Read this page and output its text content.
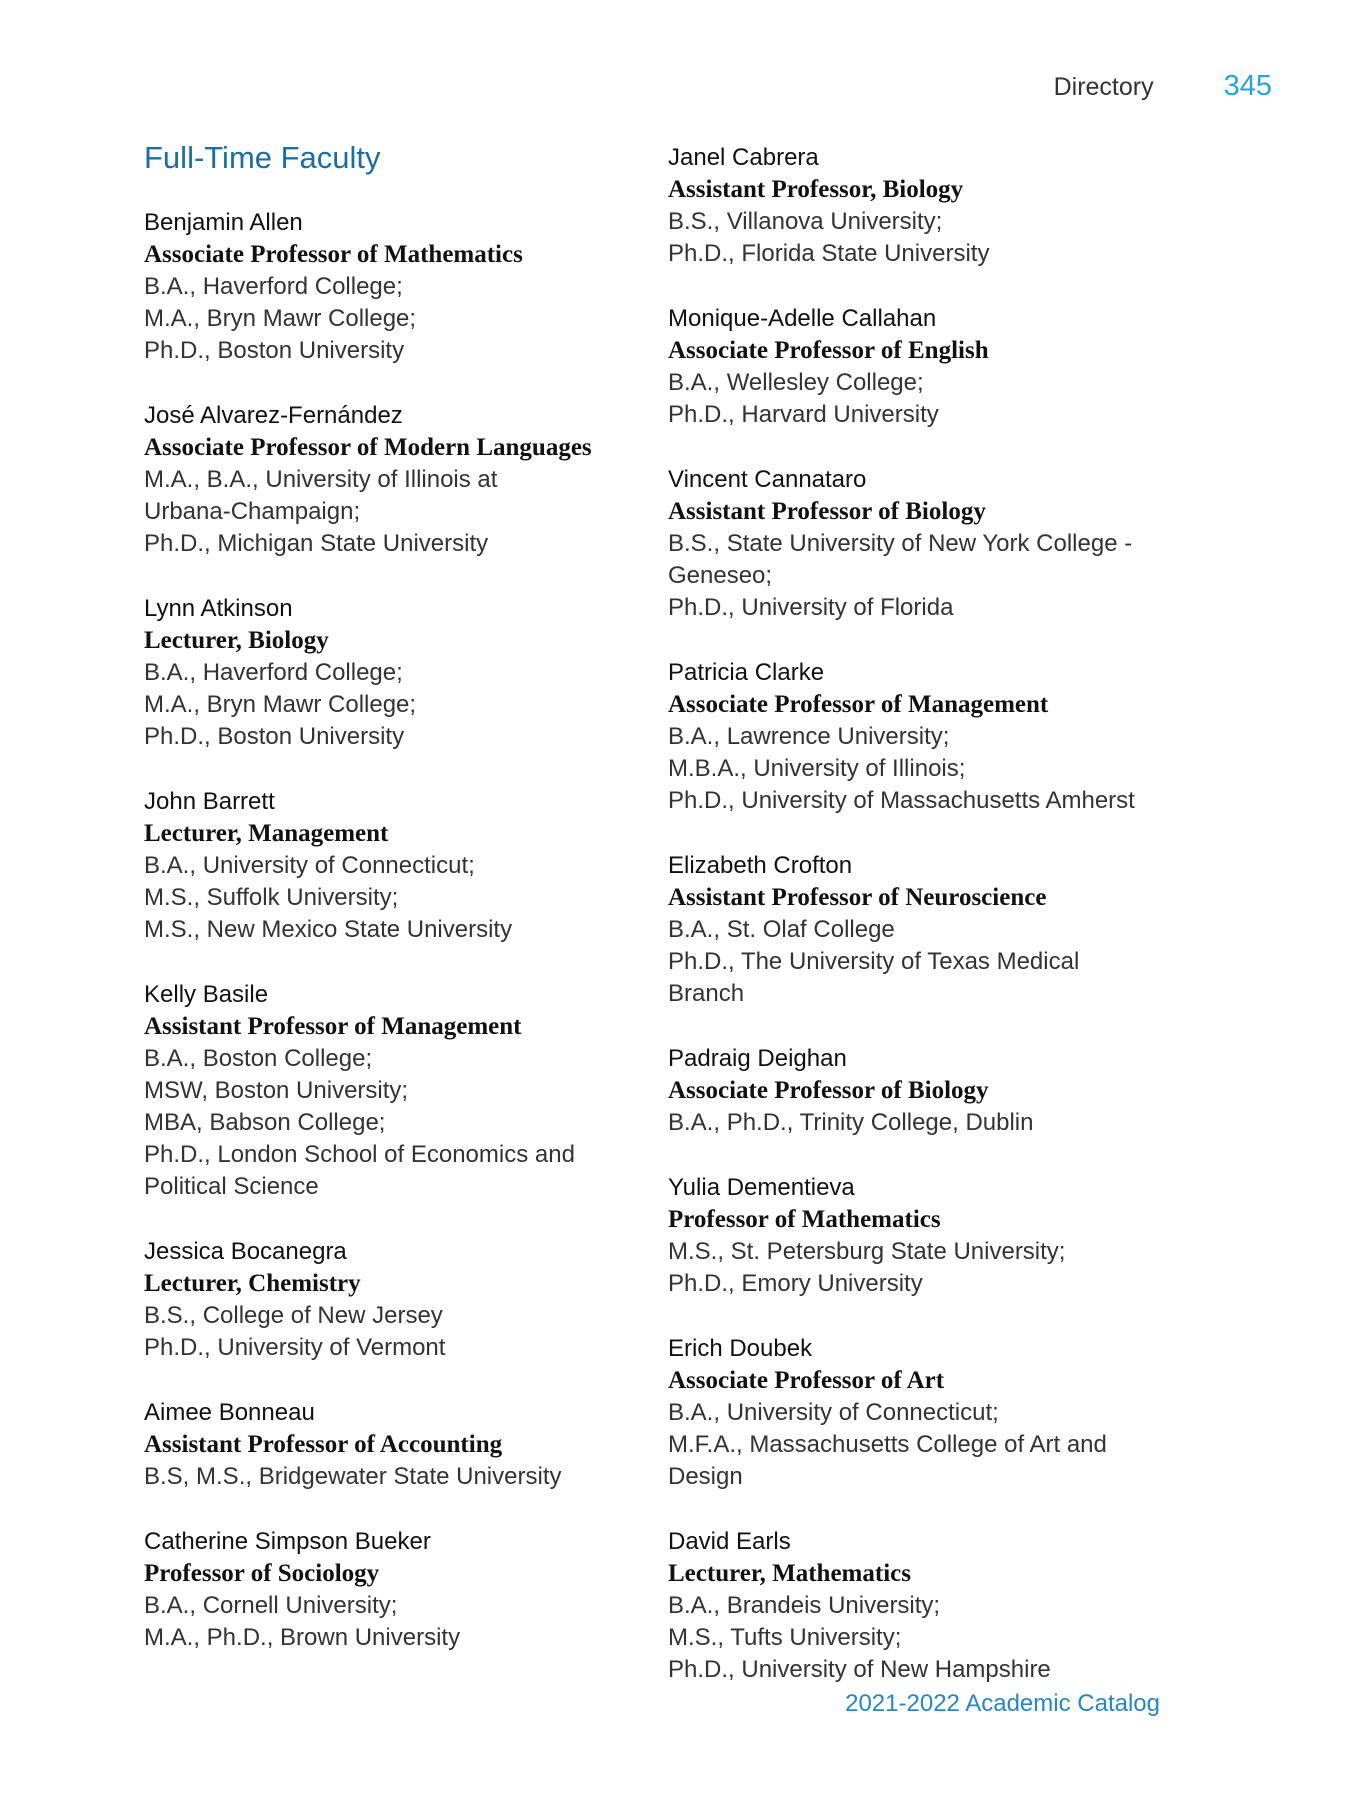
Directory 345
Full-Time Faculty
Benjamin Allen
Associate Professor of Mathematics
B.A., Haverford College;
M.A., Bryn Mawr College;
Ph.D., Boston University
José Alvarez-Fernández
Associate Professor of Modern Languages
M.A., B.A., University of Illinois at
Urbana-Champaign;
Ph.D., Michigan State University
Lynn Atkinson
Lecturer, Biology
B.A., Haverford College;
M.A., Bryn Mawr College;
Ph.D., Boston University
John Barrett
Lecturer, Management
B.A., University of Connecticut;
M.S., Suffolk University;
M.S., New Mexico State University
Kelly Basile
Assistant Professor of Management
B.A., Boston College;
MSW, Boston University;
MBA, Babson College;
Ph.D., London School of Economics and
Political Science
Jessica Bocanegra
Lecturer, Chemistry
B.S., College of New Jersey
Ph.D., University of Vermont
Aimee Bonneau
Assistant Professor of Accounting
B.S, M.S., Bridgewater State University
Catherine Simpson Bueker
Professor of Sociology
B.A., Cornell University;
M.A., Ph.D., Brown University
Janel Cabrera
Assistant Professor, Biology
B.S., Villanova University;
Ph.D., Florida State University
Monique-Adelle Callahan
Associate Professor of English
B.A., Wellesley College;
Ph.D., Harvard University
Vincent Cannataro
Assistant Professor of Biology
B.S., State University of New York College -
Geneseo;
Ph.D., University of Florida
Patricia Clarke
Associate Professor of Management
B.A., Lawrence University;
M.B.A., University of Illinois;
Ph.D., University of Massachusetts Amherst
Elizabeth Crofton
Assistant Professor of Neuroscience
B.A., St. Olaf College
Ph.D., The University of Texas Medical Branch
Padraig Deighan
Associate Professor of Biology
B.A., Ph.D., Trinity College, Dublin
Yulia Dementieva
Professor of Mathematics
M.S., St. Petersburg State University;
Ph.D., Emory University
Erich Doubek
Associate Professor of Art
B.A., University of Connecticut;
M.F.A., Massachusetts College of Art and
Design
David Earls
Lecturer, Mathematics
B.A., Brandeis University;
M.S., Tufts University;
Ph.D., University of New Hampshire
2021-2022 Academic Catalog
